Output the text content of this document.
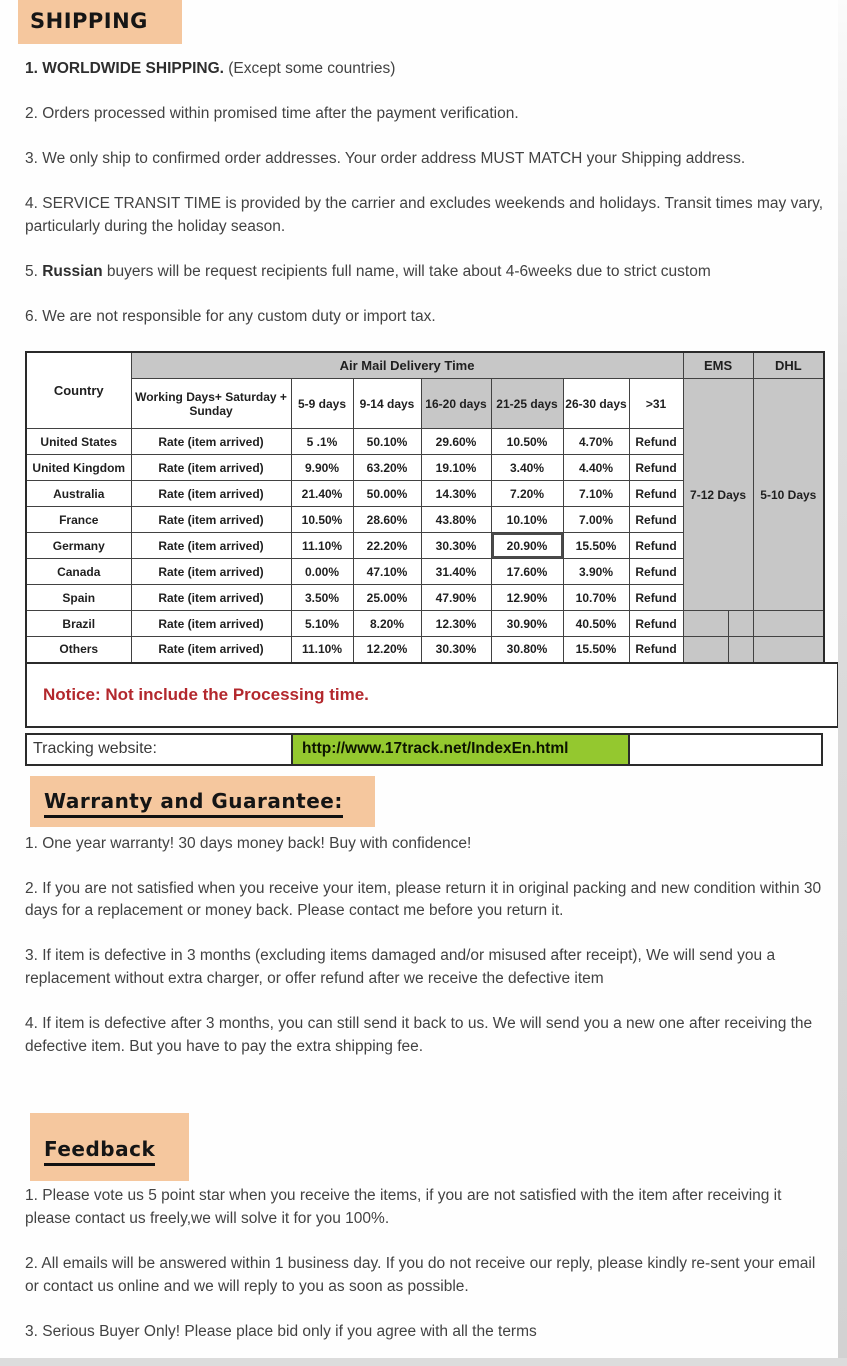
SHIPPING

1. WORLDWIDE SHIPPING. (Except some countries)

2. Orders processed within promised time after the payment verification.

3. We only ship to confirmed order addresses. Your order address MUST MATCH your Shipping address.

4. SERVICE TRANSIT TIME is provided by the carrier and excludes weekends and holidays. Transit times may vary, particularly during the holiday season.

5. Russian buyers will be request recipients full name, will take about 4-6weeks due to strict custom

6. We are not responsible for any custom duty or import tax.

Country	Air Mail Delivery Time							EMS		DHL
	Working Days+ Saturday + Sunday	5-9 days	9-14 days	16-20 days	21-25 days	26-30 days	>31	7-12 Days		5-10 Days
United States	Rate (item arrived)	5 .1%	50.10%	29.60%	10.50%	4.70%	Refund			
United Kingdom	Rate (item arrived)	9.90%	63.20%	19.10%	3.40%	4.40%	Refund			
Australia	Rate (item arrived)	21.40%	50.00%	14.30%	7.20%	7.10%	Refund			
France	Rate (item arrived)	10.50%	28.60%	43.80%	10.10%	7.00%	Refund			
Germany	Rate (item arrived)	11.10%	22.20%	30.30%	20.90%	15.50%	Refund			
Canada	Rate (item arrived)	0.00%	47.10%	31.40%	17.60%	3.90%	Refund			
Spain	Rate (item arrived)	3.50%	25.00%	47.90%	12.90%	10.70%	Refund			
Brazil	Rate (item arrived)	5.10%	8.20%	12.30%	30.90%	40.50%	Refund			
Others	Rate (item arrived)	11.10%	12.20%	30.30%	30.80%	15.50%	Refund			
Notice: Not include the Processing time.
Tracking website:	http://www.17track.net/IndexEn.html
Warranty and Guarantee:

1. One year warranty! 30 days money back! Buy with confidence!

2. If you are not satisfied when you receive your item, please return it in original packing and new condition within 30 days for a replacement or money back. Please contact me before you return it.

3. If item is defective in 3 months (excluding items damaged and/or misused after receipt), We will send you a replacement without extra charger, or offer refund after we receive the defective item

4. If item is defective after 3 months, you can still send it back to us. We will send you a new one after receiving the defective item. But you have to pay the extra shipping fee.

Feedback

1. Please vote us 5 point star when you receive the items, if you are not satisfied with the item after receiving it please contact us freely,we will solve it for you 100%.

2. All emails will be answered within 1 business day. If you do not receive our reply, please kindly re-sent your email or contact us online and we will reply to you as soon as possible.

3. Serious Buyer Only! Please place bid only if you agree with all the terms
